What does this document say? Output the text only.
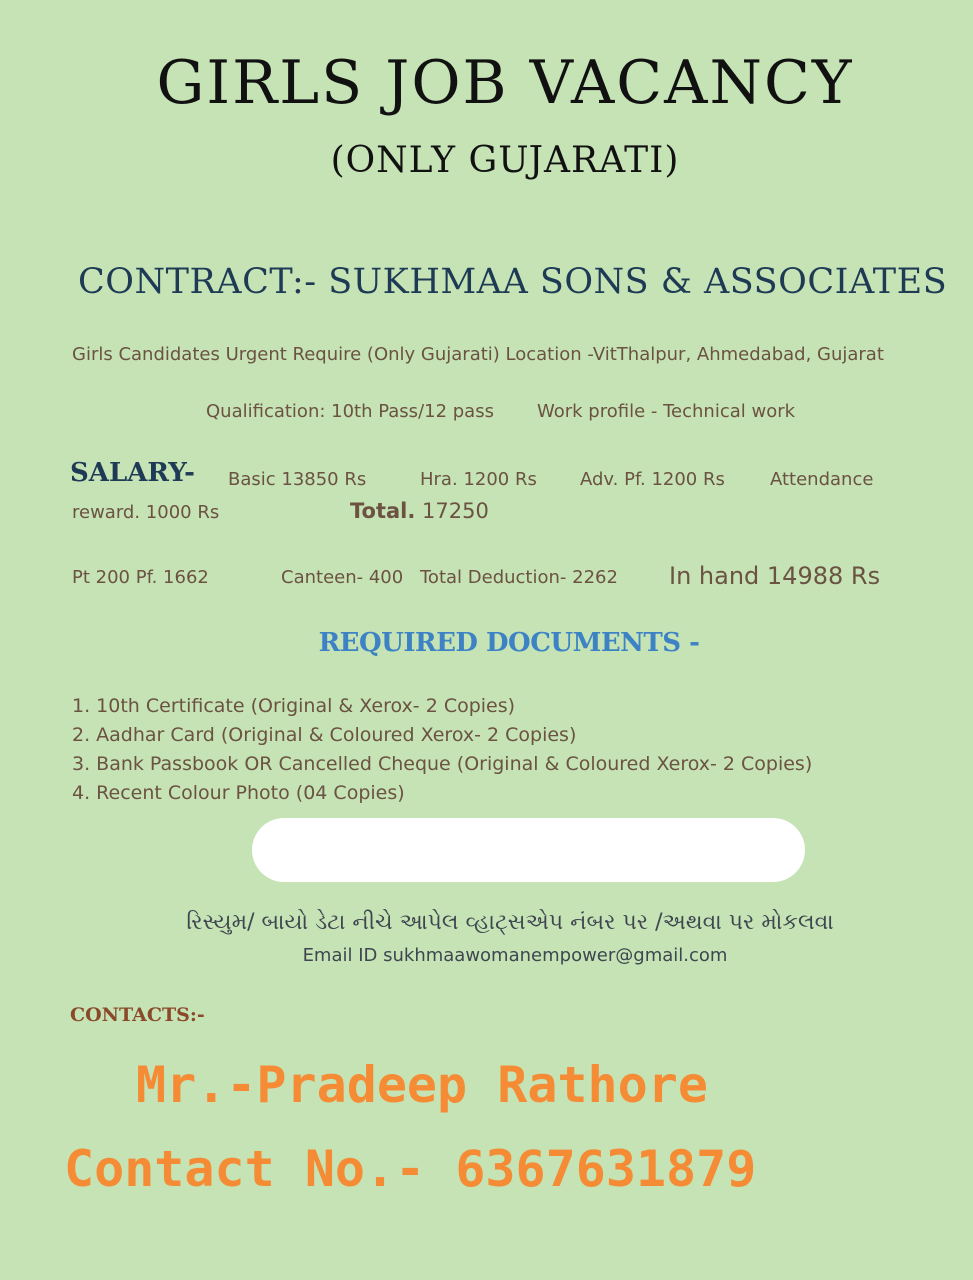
GIRLS JOB VACANCY
(ONLY GUJARATI)
CONTRACT:- SUKHMAA SONS & ASSOCIATES
Girls Candidates Urgent Require (Only Gujarati) Location -VitThalpur, Ahmedabad, Gujarat
Qualification: 10th Pass/12 pass Work profile - Technical work
SALARY- Basic 13850 Rs	Hra. 1200 Rs Adv. Pf. 1200 Rs	Attendance
reward. 1000 Rs	Total. 17250
Pt 200 Pf. 1662	Canteen- 400 Total Deduction- 2262 In hand 14988 Rs
REQUIRED DOCUMENTS -
1. 10th Certificate (Original & Xerox- 2 Copies)
2. Aadhar Card (Original & Coloured Xerox- 2 Copies)
3. Bank Passbook OR Cancelled Cheque (Original & Coloured Xerox- 2 Copies)
4. Recent Colour Photo (04 Copies)
રિસ્યુમ/ બાયો ડેટા નીચે આપેલ વ્હાટ્સએપ નંબર પર /અથવા પર મોકલવા
Email ID sukhmaawomanempower@gmail.com
CONTACTS:-
Mr.-Pradeep Rathore
Contact No.- 6367631879
